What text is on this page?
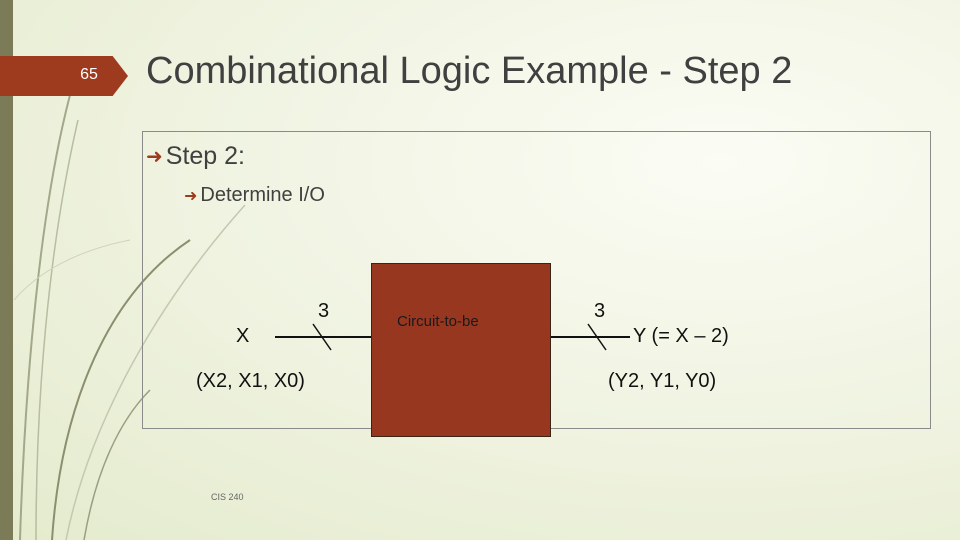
65 Combinational Logic Example - Step 2
➜ Step 2:
➜ Determine I/O
Circuit-to-be
X
3
(X2, X1, X0)
3
Y (= X – 2)
(Y2, Y1, Y0)
CIS 240
